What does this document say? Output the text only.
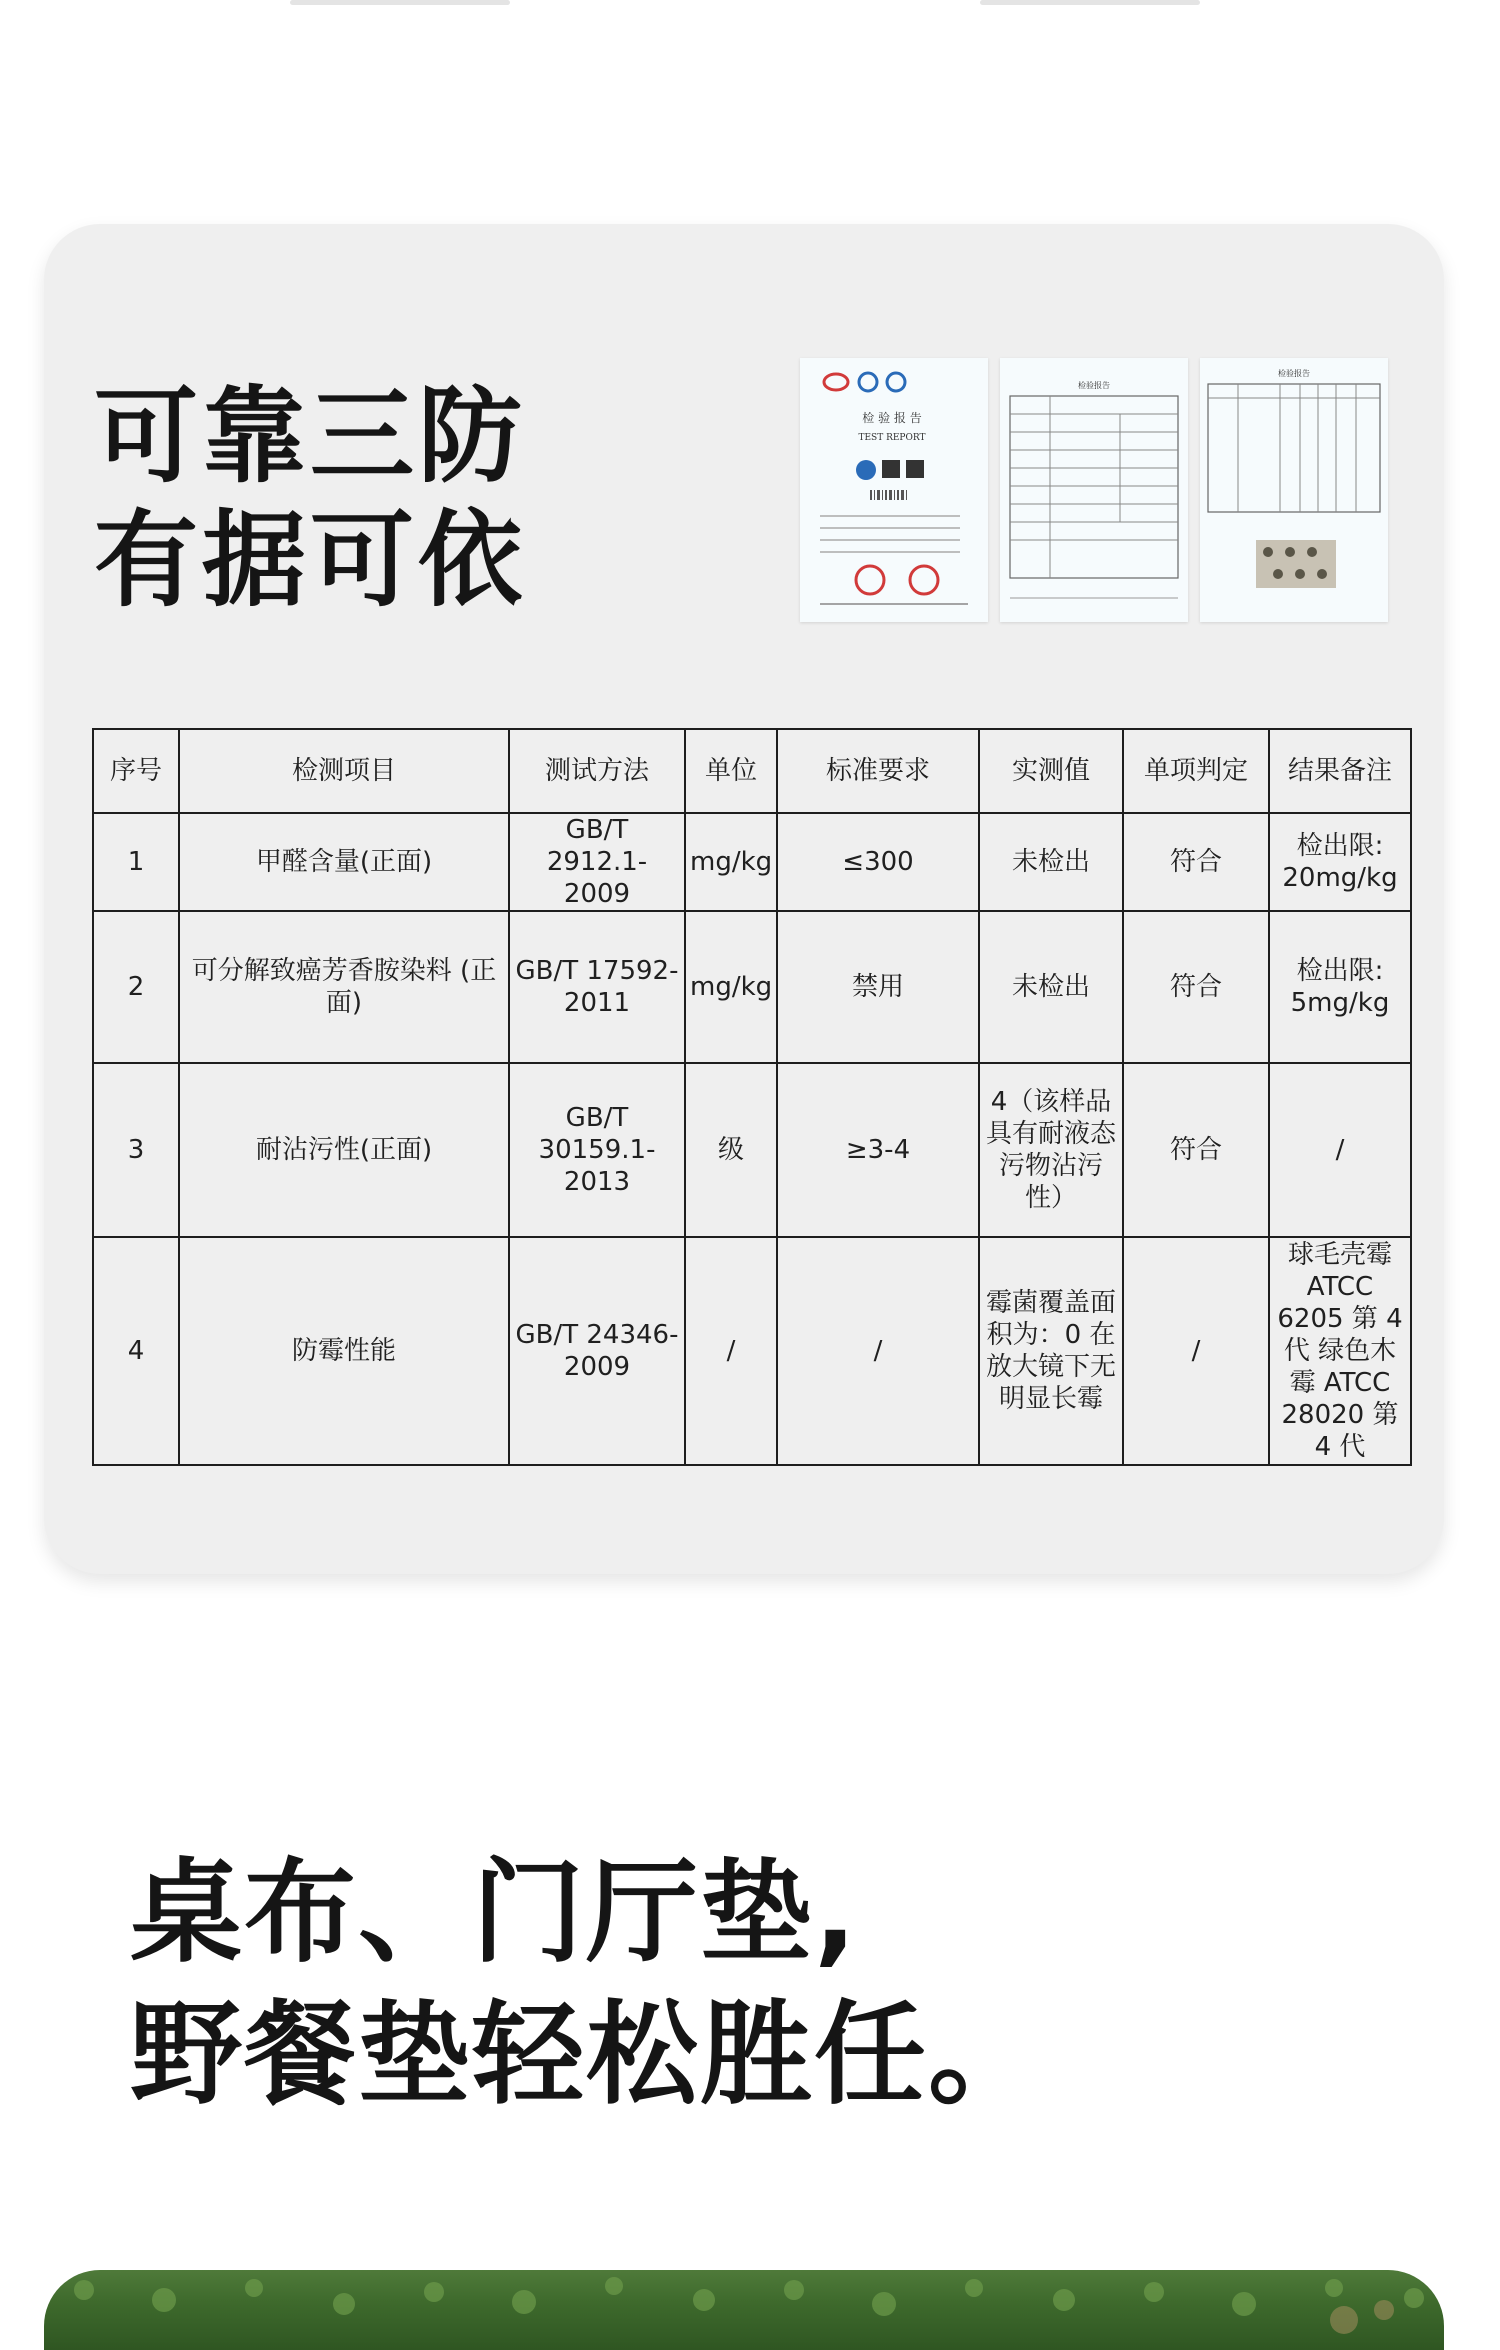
可靠三防
有据可依
检 验 报 告
TEST REPORT
检验报告
检验报告
序号	检测项目	测试方法	单位	标准要求	实测值	单项判定	结果备注
1	甲醛含量(正面)	GB/T 2912.1-2009	mg/kg	≤300	未检出	符合	检出限: 20mg/kg
2	可分解致癌芳香胺染料 (正面)	GB/T 17592-2011	mg/kg	禁用	未检出	符合	检出限: 5mg/kg
3	耐沾污性(正面)	GB/T 30159.1-2013	级	≥3-4	4（该样品具有耐液态污物沾污性）	符合	/
4	防霉性能	GB/T 24346-2009	/	/	霉菌覆盖面积为：0 在放大镜下无明显长霉	/	球毛壳霉 ATCC 6205 第 4 代 绿色木霉 ATCC 28020 第 4 代
桌布、门厅垫,
野餐垫轻松胜任。
